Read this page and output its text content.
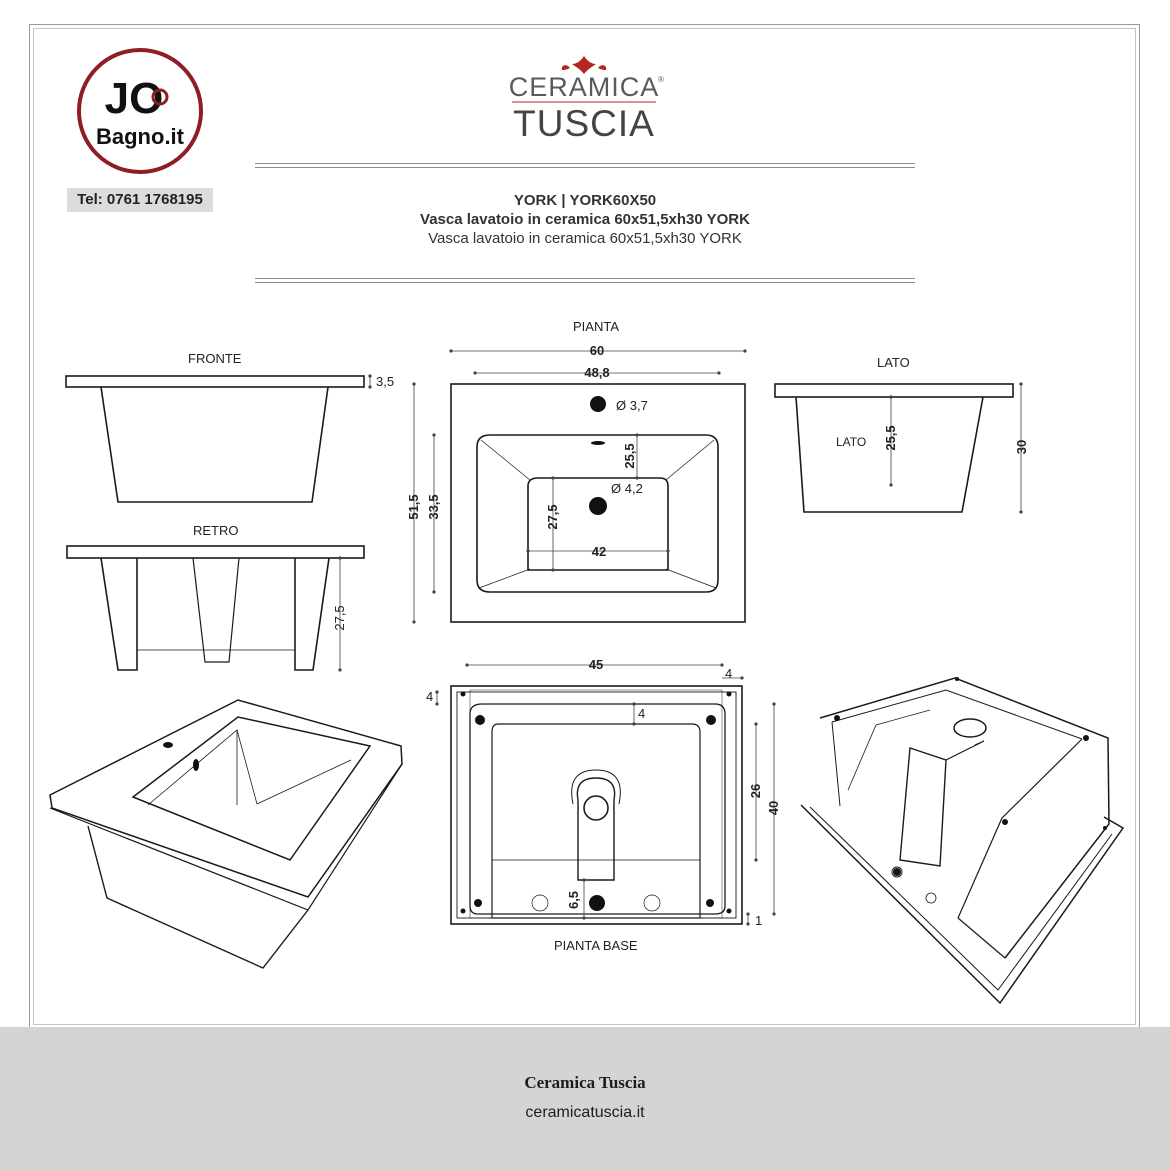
JO
Bagno.it
Tel: 0761 1768195
CERAMICA
®
TUSCIA
YORK | YORK60X50
Vasca lavatoio in ceramica 60x51,5xh30 YORK
Vasca lavatoio in ceramica 60x51,5xh30 YORK
FRONTE
RETRO
PIANTA
LATO
PIANTA BASE
3,5
27,5
60
48,8
Ø 3,7
Ø 4,2
25,5
51,5 33,5	27,5
42
LATO 25,5	30
45
4
4
4
26
40
6,5
1
Ceramica Tuscia
ceramicatuscia.it
